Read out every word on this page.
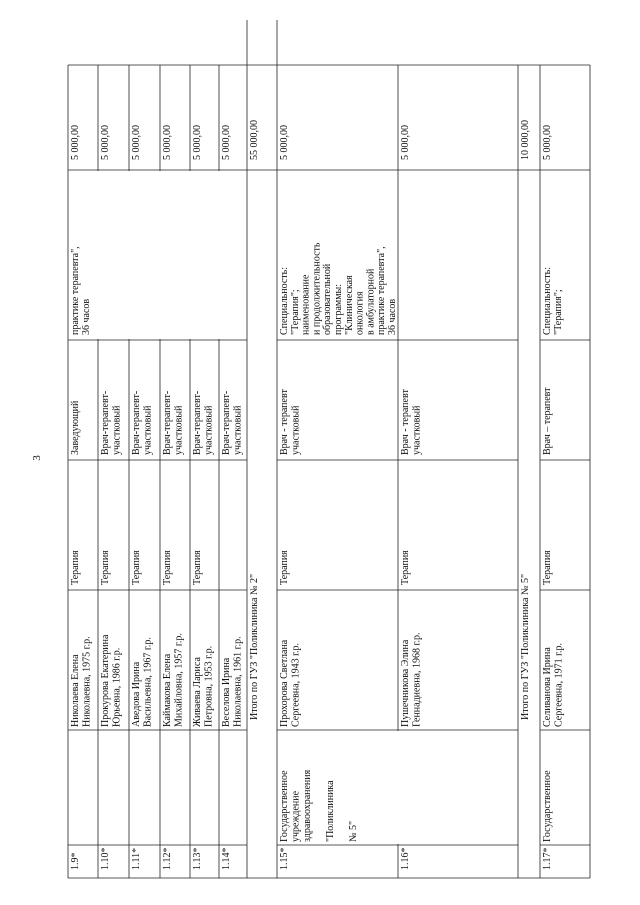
1.9*
Николаева Елена Николаевна, 1975 г.р.
Терапия
Заведующий
практике терапевта", 36 часов
5 000,00
1.10*
Прокурова Екатерина Юрьевна, 1986 г.р.
Терапия
Врач-терапевт- участковый
5 000,00
1.11*
Аведова Ирина Васильевна, 1967 г.р.
Терапия
Врач-терапевт- участковый
5 000,00
1.12*
Каймакова Елена Михайловна, 1957 г.р.
Терапия
Врач-терапевт- участковый
5 000,00
1.13*
Живаева Лариса Петровна, 1953 г.р.
Терапия
Врач-терапевт- участковый
5 000,00
1.14*
Веселова Ирина Николаевна, 1961 г.р.
Врач-терапевт- участковый
5 000,00
Итого по ГУЗ "Поликлиника № 2"
55 000,00
1.15*
Государственное учреждение здравоохранения "Поликлиника № 5"
Прохорова Светлана Сергеевна, 1943 г.р.
Терапия
Врач - терапевт участковый
Специальность: "Терапия"; наименование и продолжительность образовательной программы: "Клиническая онкология в амбулаторной практике терапевта", 36 часов
5 000,00
1.16*
Пушечникова Элина Геннадиевна, 1968 г.р.
Терапия
Врач - терапевт участковый
5 000,00
Итого по ГУЗ "Поликлиника № 5"
10 000,00
1.17*
Государственное
Селиванова Ирина Сергеевна, 1971 г.р.
Терапия
Врач – терапевт
Специальность: "Терапия";
5 000,00
3
